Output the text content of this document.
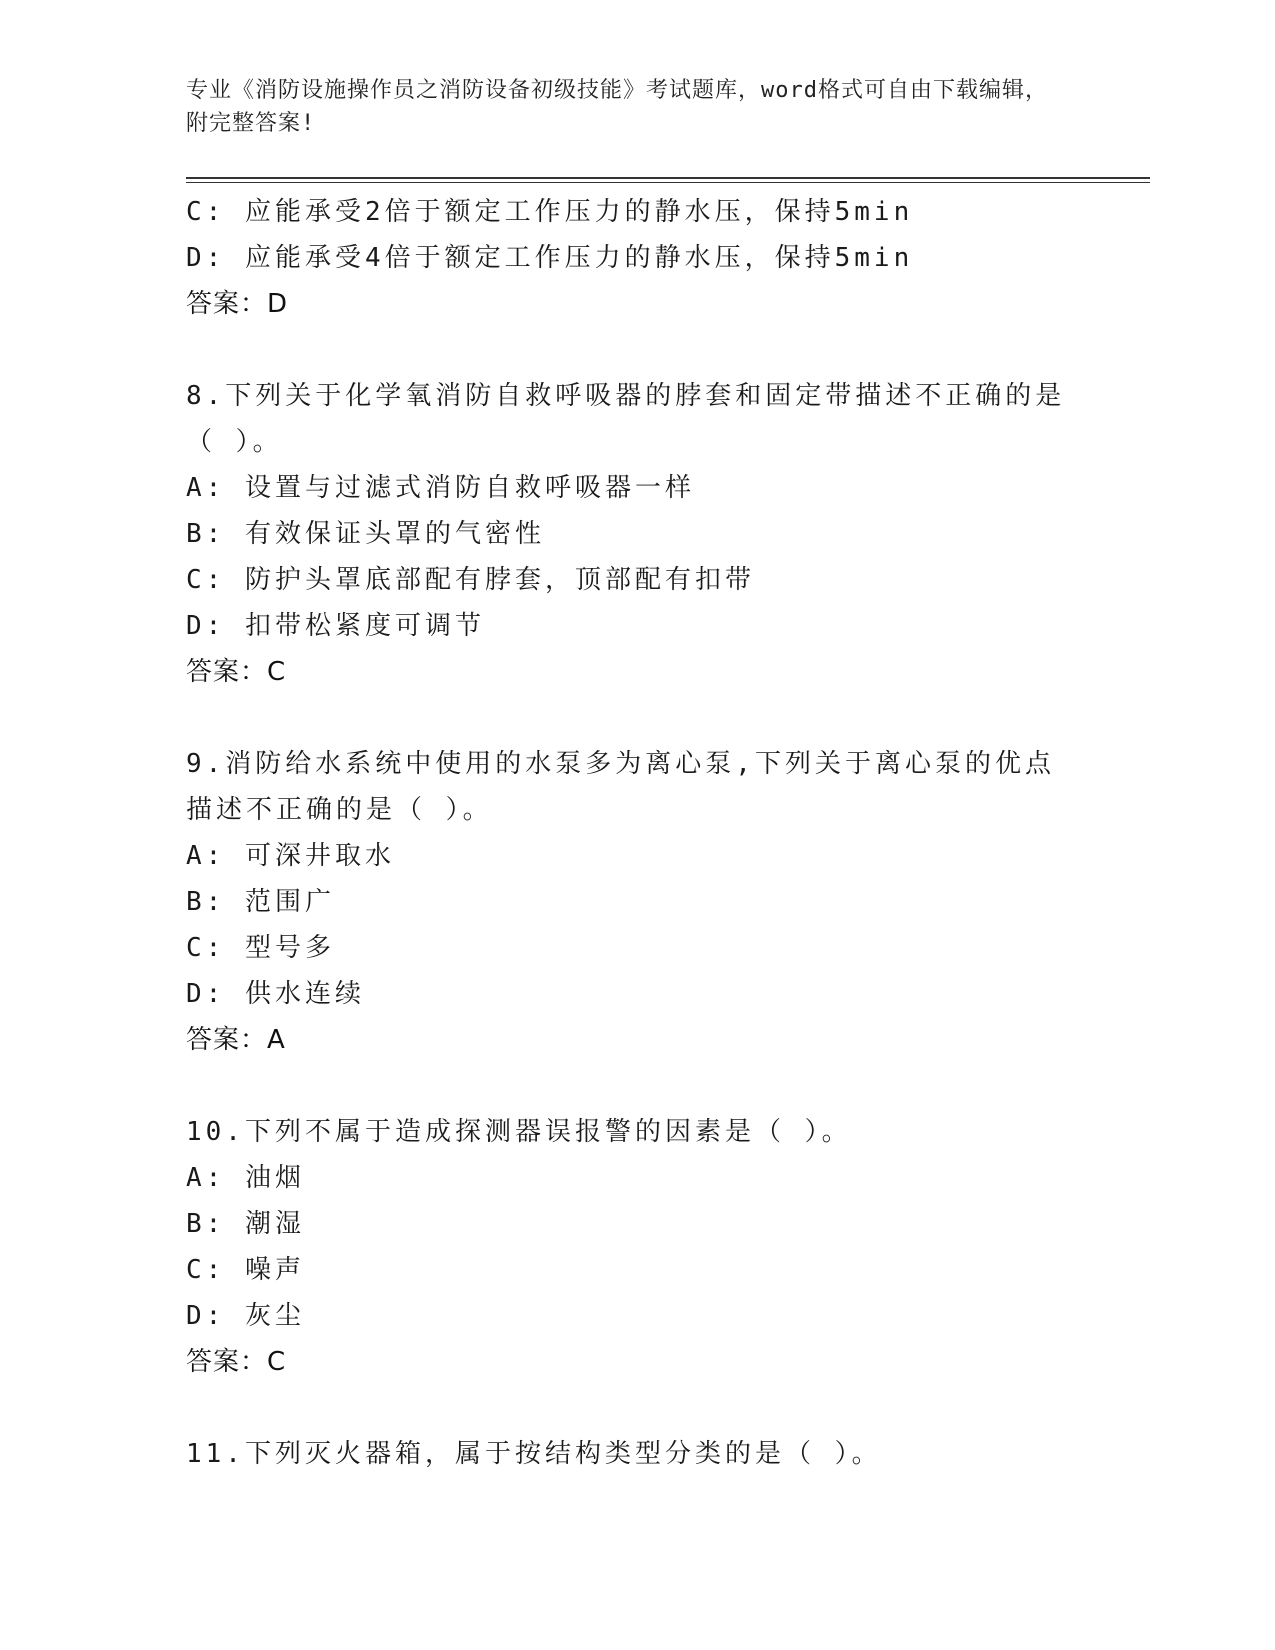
专业《消防设施操作员之消防设备初级技能》考试题库，word格式可自由下载编辑，附完整答案!
C: 应能承受2倍于额定工作压力的静水压，保持5min
D: 应能承受4倍于额定工作压力的静水压，保持5min
答案：D
8.下列关于化学氧消防自救呼吸器的脖套和固定带描述不正确的是（ ）。
A: 设置与过滤式消防自救呼吸器一样
B: 有效保证头罩的气密性
C: 防护头罩底部配有脖套，顶部配有扣带
D: 扣带松紧度可调节
答案：C
9.消防给水系统中使用的水泵多为离心泵,下列关于离心泵的优点描述不正确的是（ ）。
A: 可深井取水
B: 范围广
C: 型号多
D: 供水连续
答案：A
10.下列不属于造成探测器误报警的因素是（ ）。
A: 油烟
B: 潮湿
C: 噪声
D: 灰尘
答案：C
11.下列灭火器箱，属于按结构类型分类的是（ ）。
